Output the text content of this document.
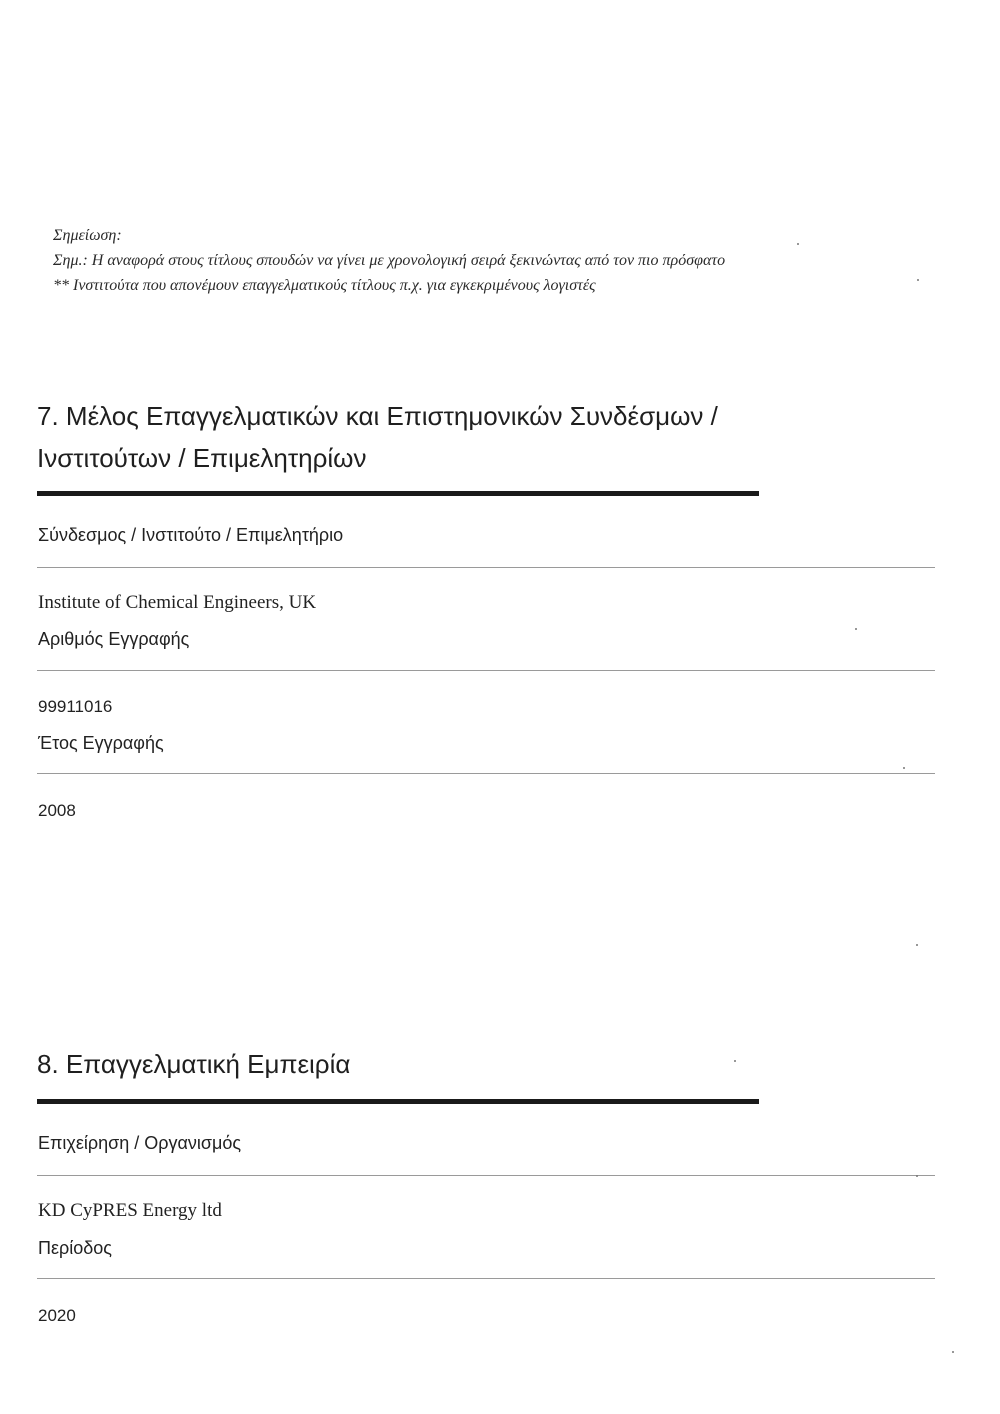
Σημείωση:
Σημ.: Η αναφορά στους τίτλους σπουδών να γίνει με χρονολογική σειρά ξεκινώντας από τον πιο πρόσφατο
** Ινστιτούτα που απονέμουν επαγγελματικούς τίτλους π.χ. για εγκεκριμένους λογιστές
7. Μέλος Επαγγελματικών και Επιστημονικών Συνδέσμων /
Ινστιτούτων / Επιμελητηρίων
Σύνδεσμος / Ινστιτούτο / Επιμελητήριο
Institute of Chemical Engineers, UK
Αριθμός Εγγραφής
99911016
Έτος Εγγραφής
2008
8. Επαγγελματική Εμπειρία
Επιχείρηση / Οργανισμός
KD CyPRES Energy ltd
Περίοδος
2020
